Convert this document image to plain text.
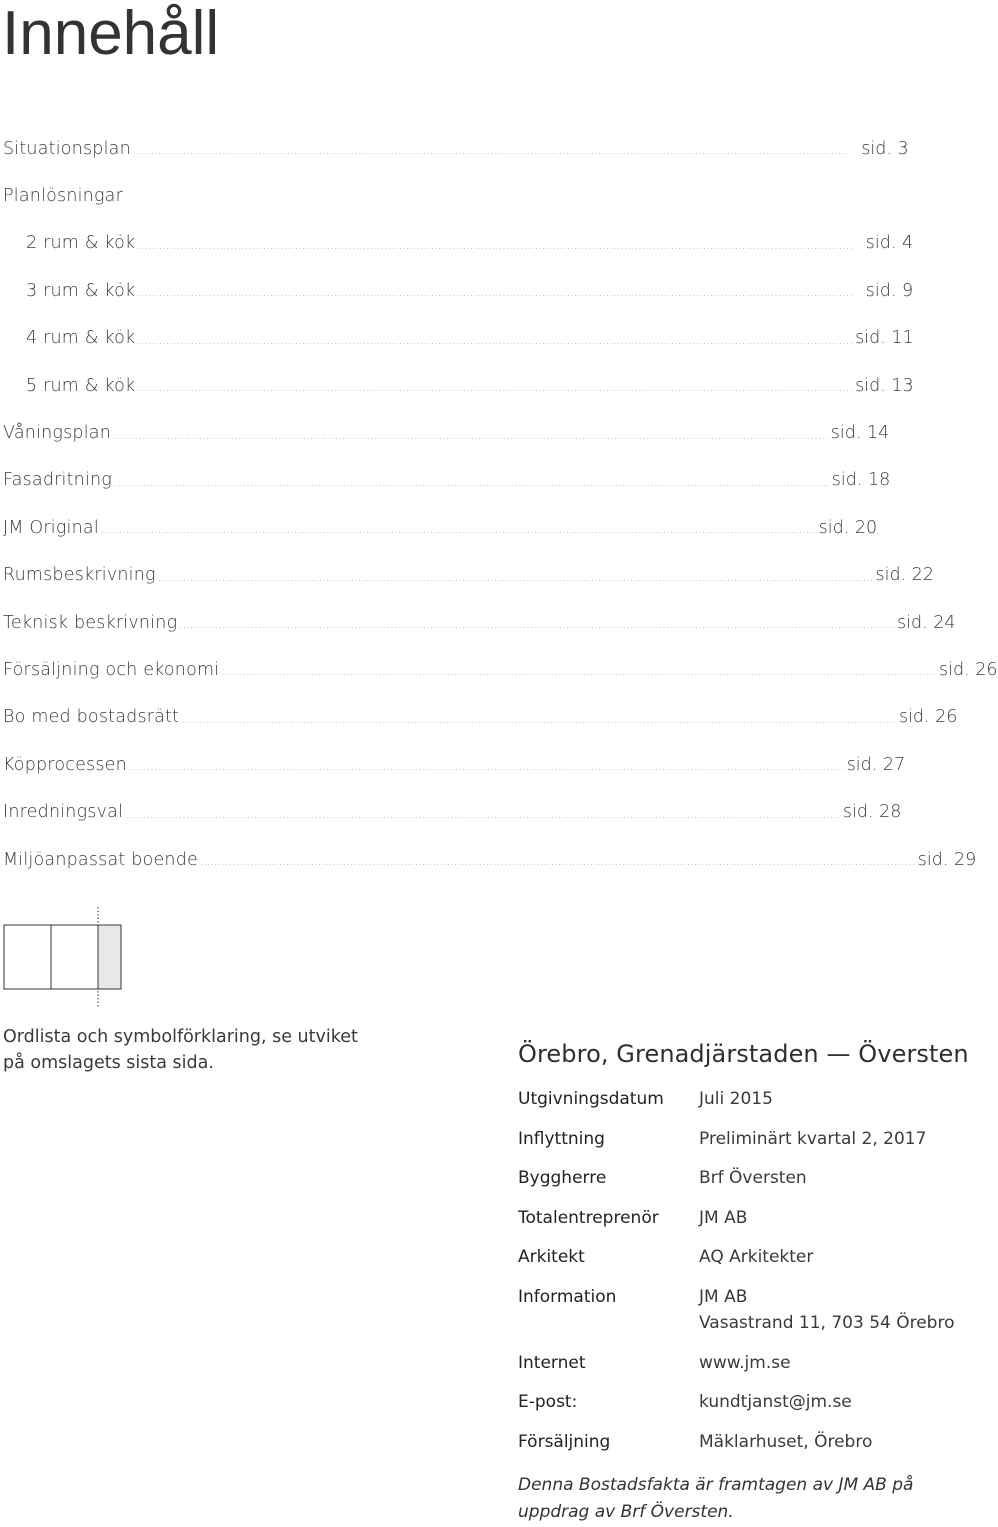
Innehåll
Situationsplan ........................................................................................................................................................................................................ sid. 3
Planlösningar
2 rum & kök ........................................................................................................................................................................................................ sid. 4
3 rum & kök ........................................................................................................................................................................................................ sid. 9
4 rum & kök ........................................................................................................................................................................................................ sid. 11
5 rum & kök ........................................................................................................................................................................................................ sid. 13
Våningsplan ........................................................................................................................................................................................................ sid. 14
Fasadritning ........................................................................................................................................................................................................ sid. 18
JM Original ........................................................................................................................................................................................................ sid. 20
Rumsbeskrivning ........................................................................................................................................................................................................ sid. 22
Teknisk beskrivning ........................................................................................................................................................................................................ sid. 24
Försäljning och ekonomi ........................................................................................................................................................................................................ sid. 26
Bo med bostadsrätt ........................................................................................................................................................................................................ sid. 26
Köpprocessen ........................................................................................................................................................................................................ sid. 27
Inredningsval ........................................................................................................................................................................................................ sid. 28
Miljöanpassat boende ........................................................................................................................................................................................................ sid. 29

Ordlista och symbolförklaring, se utviket på omslagets sista sida.	Örebro, Grenadjärstaden — Översten
Utgivningsdatum	Juli 2015
Inflyttning	Preliminärt kvartal 2, 2017
Byggherre	Brf Översten
Totalentreprenör	JM AB
Arkitekt	AQ Arkitekter
Information	JM AB
Vasastrand 11, 703 54 Örebro
Internet	www.jm.se
E-post:	kundtjanst@jm.se
Försäljning	Mäklarhuset, Örebro

Denna Bostadsfakta är framtagen av JM AB på uppdrag av Brf Översten.
